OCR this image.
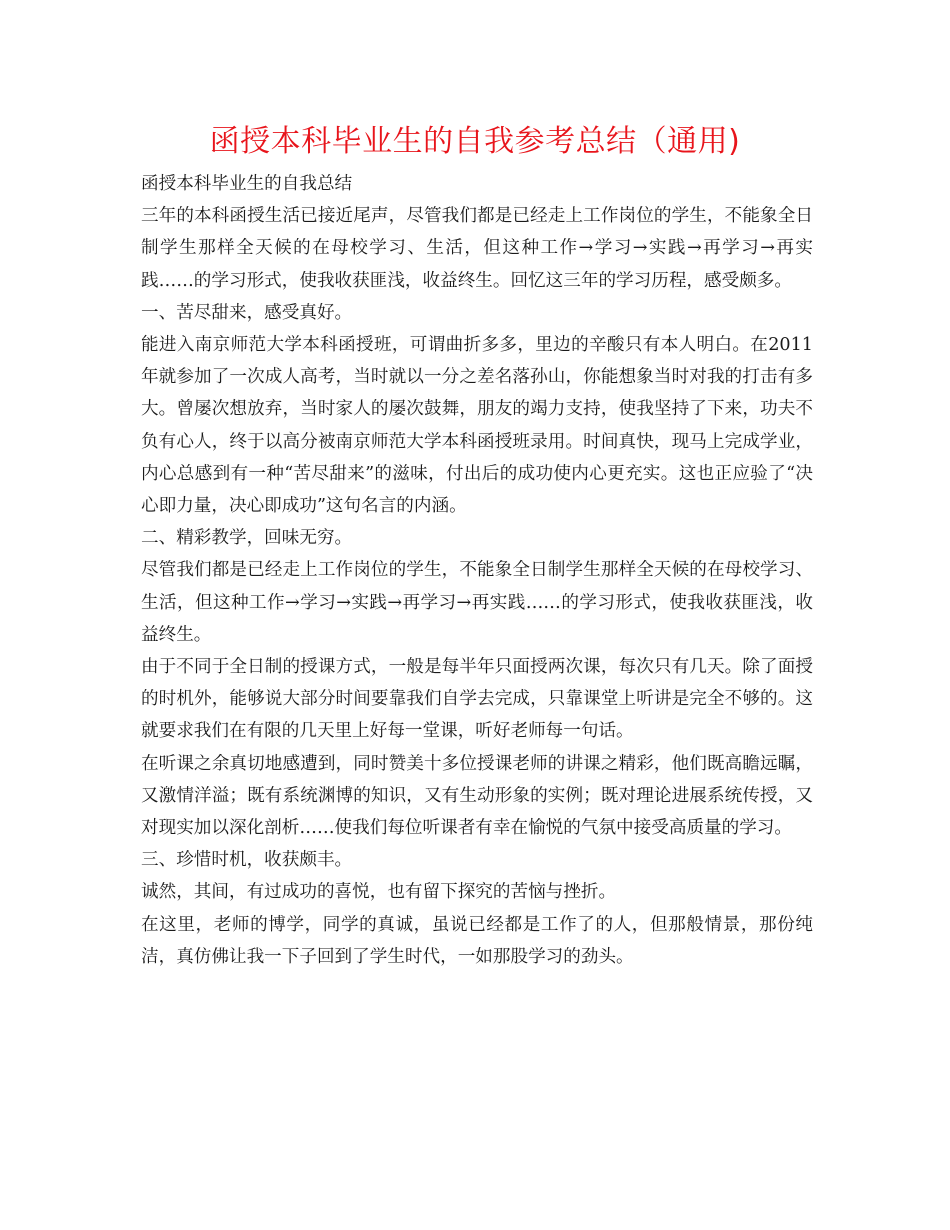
函授本科毕业生的自我参考总结（通用)

函授本科毕业生的自我总结

三年的本科函授生活已接近尾声，尽管我们都是已经走上工作岗位的学生，不能象全日制学生那样全天候的在母校学习、生活，但这种工作→学习→实践→再学习→再实践……的学习形式，使我收获匪浅，收益终生。回忆这三年的学习历程，感受颇多。

一、苦尽甜来，感受真好。

能进入南京师范大学本科函授班，可谓曲折多多，里边的辛酸只有本人明白。在2011年就参加了一次成人高考，当时就以一分之差名落孙山，你能想象当时对我的打击有多大。曾屡次想放弃，当时家人的屡次鼓舞，朋友的竭力支持，使我坚持了下来，功夫不负有心人，终于以高分被南京师范大学本科函授班录用。时间真快，现马上完成学业，内心总感到有一种“苦尽甜来”的滋味，付出后的成功使内心更充实。这也正应验了“决心即力量，决心即成功”这句名言的内涵。

二、精彩教学，回味无穷。

尽管我们都是已经走上工作岗位的学生，不能象全日制学生那样全天候的在母校学习、生活，但这种工作→学习→实践→再学习→再实践……的学习形式，使我收获匪浅，收益终生。

由于不同于全日制的授课方式，一般是每半年只面授两次课，每次只有几天。除了面授的时机外，能够说大部分时间要靠我们自学去完成，只靠课堂上听讲是完全不够的。这就要求我们在有限的几天里上好每一堂课，听好老师每一句话。

在听课之余真切地感遭到，同时赞美十多位授课老师的讲课之精彩，他们既高瞻远瞩，又激情洋溢；既有系统渊博的知识，又有生动形象的实例；既对理论进展系统传授，又对现实加以深化剖析……使我们每位听课者有幸在愉悦的气氛中接受高质量的学习。

三、珍惜时机，收获颇丰。

诚然，其间，有过成功的喜悦，也有留下探究的苦恼与挫折。

在这里，老师的博学，同学的真诚，虽说已经都是工作了的人，但那般情景，那份纯洁，真仿佛让我一下子回到了学生时代，一如那股学习的劲头。
